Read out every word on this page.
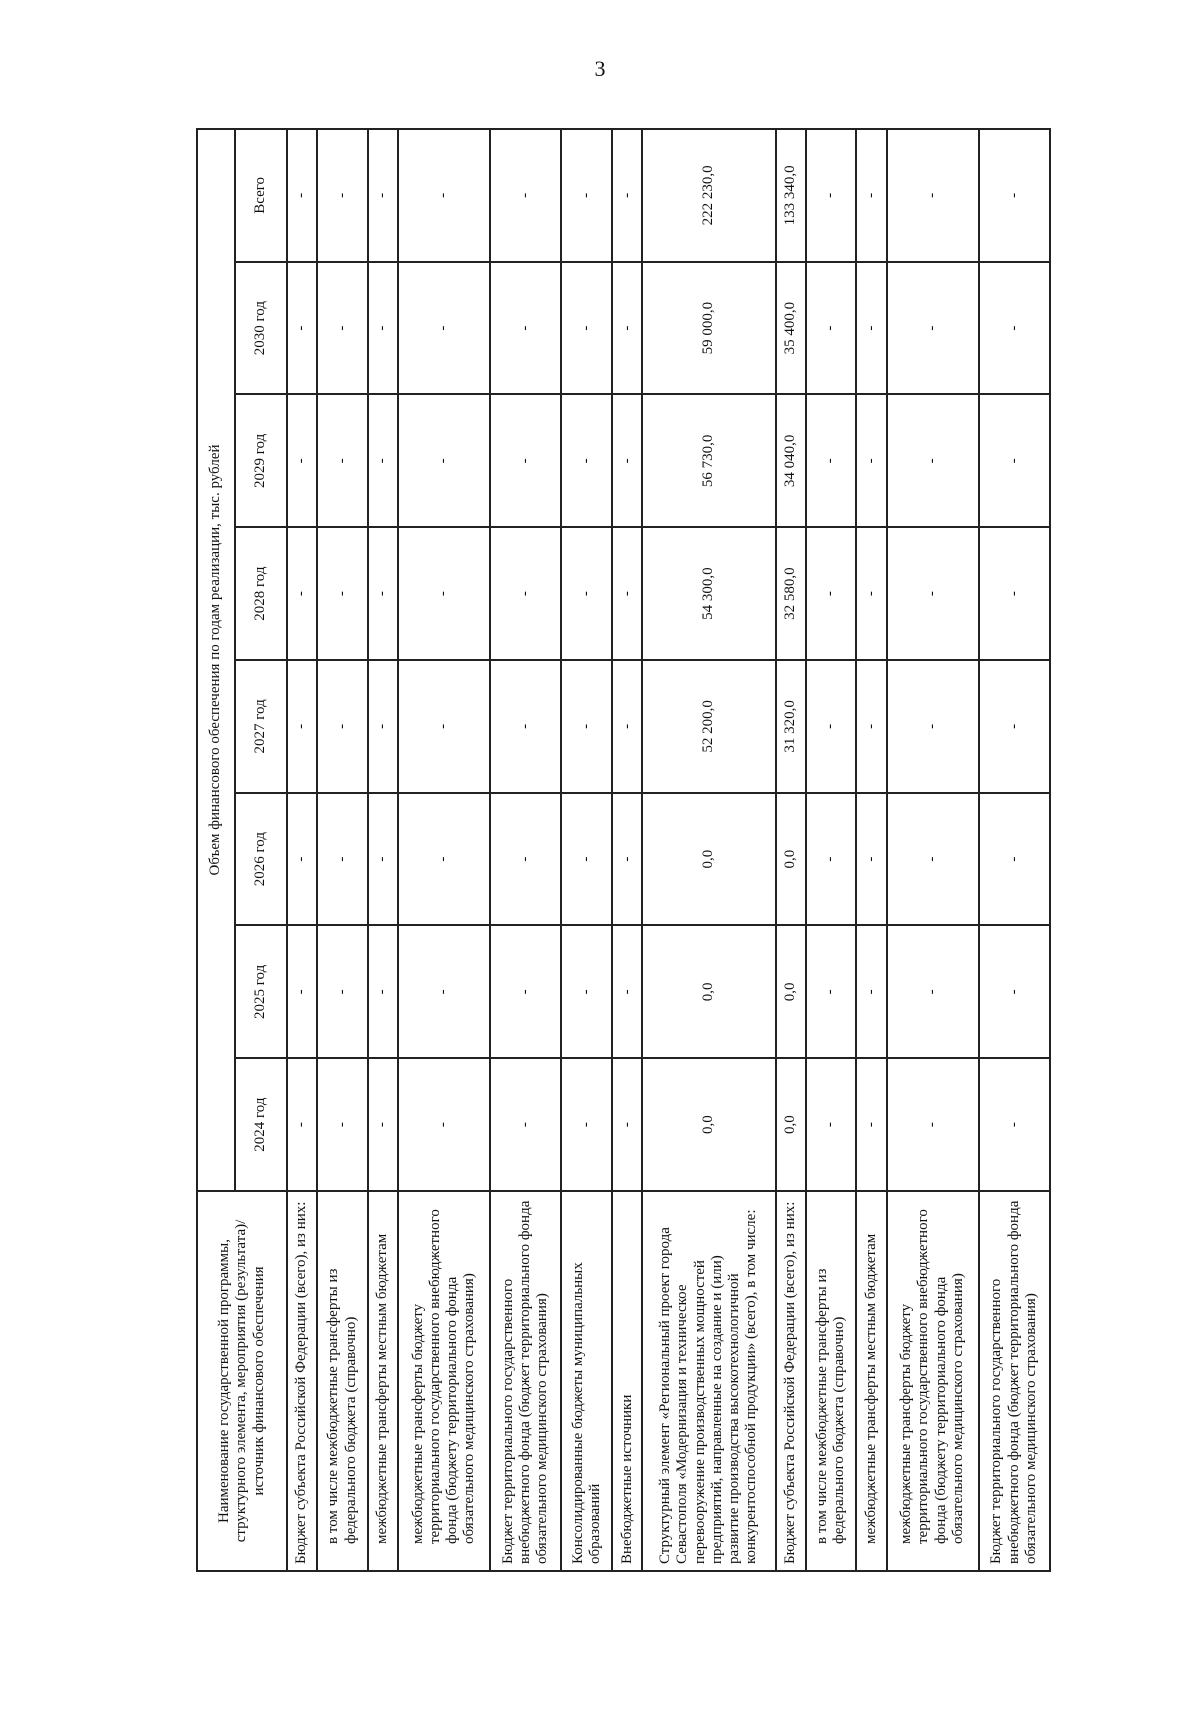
3
Наименование государственной программы, структурного элемента, мероприятия (результата)/источник финансового обеспечения	Объем финансового обеспечения по годам реализации, тыс. рублей							
	2024 год	2025 год	2026 год	2027 год	2028 год	2029 год	2030 год	Всего
Бюджет субъекта Российской Федерации (всего), из них:	-	-	-	-	-	-	-	-
в том числе межбюджетные трансферты из федерального бюджета (справочно)	-	-	-	-	-	-	-	-
межбюджетные трансферты местным бюджетам	-	-	-	-	-	-	-	-
межбюджетные трансферты бюджету территориального государственного внебюджетного фонда (бюджету территориального фонда обязательного медицинского страхования)	-	-	-	-	-	-	-	-
Бюджет территориального государственного внебюджетного фонда (бюджет территориального фонда обязательного медицинского страхования)	-	-	-	-	-	-	-	-
Консолидированные бюджеты муниципальных образований	-	-	-	-	-	-	-	-
Внебюджетные источники	-	-	-	-	-	-	-	-
Структурный элемент «Региональный проект города Севастополя «Модернизация и техническое перевооружение производственных мощностей предприятий, направленные на создание и (или) развитие производства высокотехнологичной конкурентоспособной продукции» (всего), в том числе:	0,0	0,0	0,0	52 200,0	54 300,0	56 730,0	59 000,0	222 230,0
Бюджет субъекта Российской Федерации (всего), из них:	0,0	0,0	0,0	31 320,0	32 580,0	34 040,0	35 400,0	133 340,0
в том числе межбюджетные трансферты из федерального бюджета (справочно)	-	-	-	-	-	-	-	-
межбюджетные трансферты местным бюджетам	-	-	-	-	-	-	-	-
межбюджетные трансферты бюджету территориального государственного внебюджетного фонда (бюджету территориального фонда обязательного медицинского страхования)	-	-	-	-	-	-	-	-
Бюджет территориального государственного внебюджетного фонда (бюджет территориального фонда обязательного медицинского страхования)	-	-	-	-	-	-	-	-
